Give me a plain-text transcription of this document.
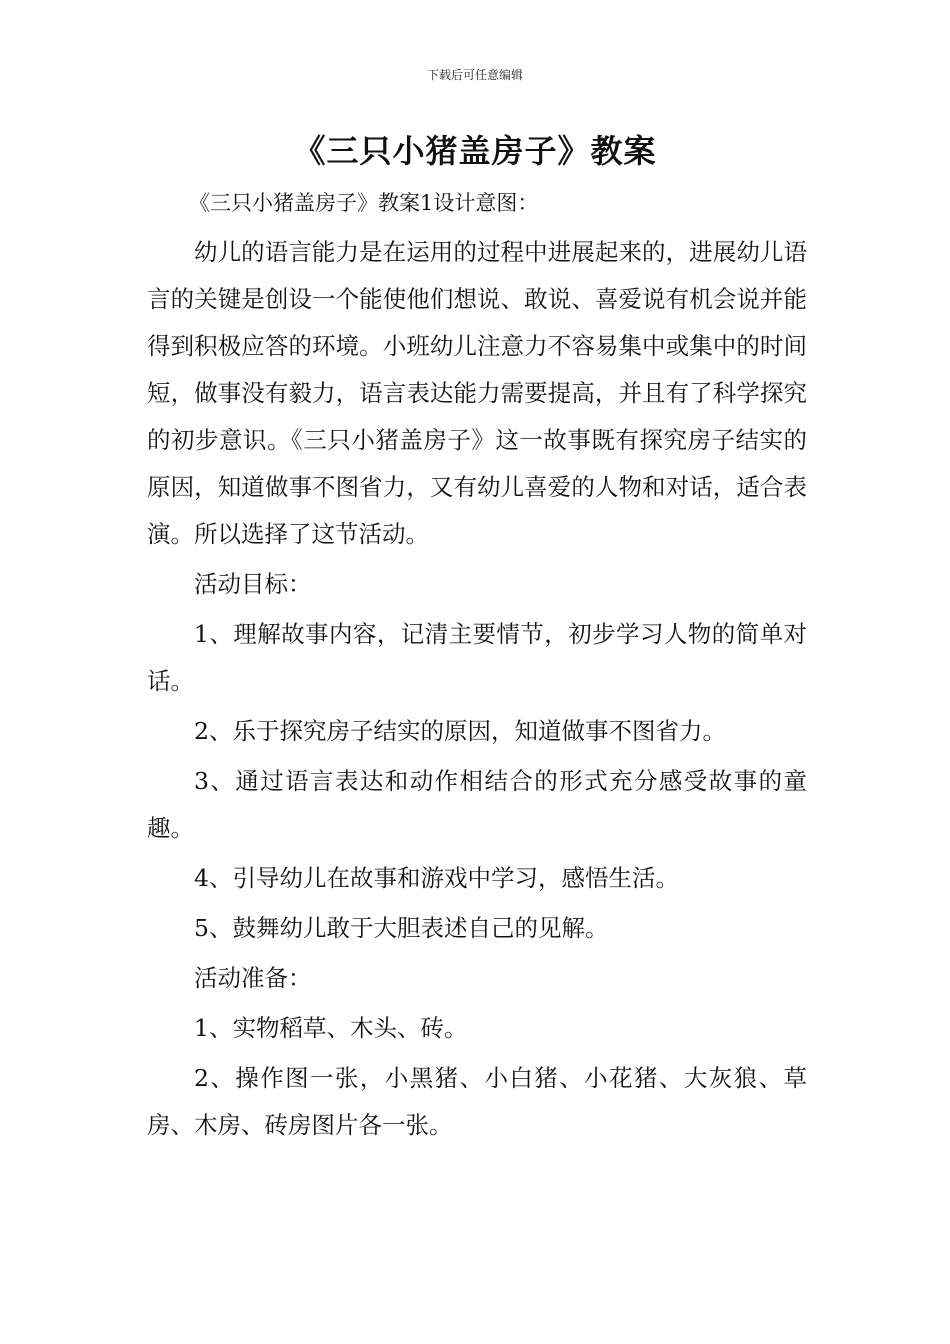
下载后可任意编辑
《三只小猪盖房子》教案

《三只小猪盖房子》教案1设计意图：

幼儿的语言能力是在运用的过程中进展起来的，进展幼儿语言的关键是创设一个能使他们想说、敢说、喜爱说有机会说并能得到积极应答的环境。小班幼儿注意力不容易集中或集中的时间短，做事没有毅力，语言表达能力需要提高，并且有了科学探究的初步意识。《三只小猪盖房子》这一故事既有探究房子结实的原因，知道做事不图省力，又有幼儿喜爱的人物和对话，适合表演。所以选择了这节活动。

活动目标：

1、理解故事内容，记清主要情节，初步学习人物的简单对话。

2、乐于探究房子结实的原因，知道做事不图省力。

3、通过语言表达和动作相结合的形式充分感受故事的童趣。

4、引导幼儿在故事和游戏中学习，感悟生活。

5、鼓舞幼儿敢于大胆表述自己的见解。

活动准备：

1、实物稻草、木头、砖。

2、操作图一张，小黑猪、小白猪、小花猪、大灰狼、草房、木房、砖房图片各一张。
